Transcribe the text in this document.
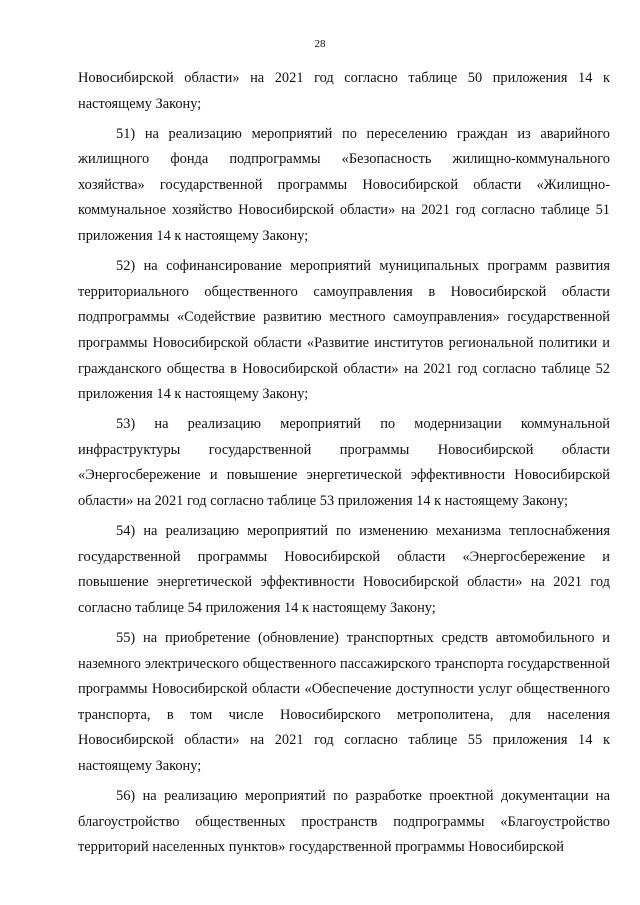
28

Новосибирской области» на 2021 год согласно таблице 50 приложения 14 к настоящему Закону;

51) на реализацию мероприятий по переселению граждан из аварийного жилищного фонда подпрограммы «Безопасность жилищно-коммунального хозяйства» государственной программы Новосибирской области «Жилищно-коммунальное хозяйство Новосибирской области» на 2021 год согласно таблице 51 приложения 14 к настоящему Закону;

52) на софинансирование мероприятий муниципальных программ развития территориального общественного самоуправления в Новосибирской области подпрограммы «Содействие развитию местного самоуправления» государственной программы Новосибирской области «Развитие институтов региональной политики и гражданского общества в Новосибирской области» на 2021 год согласно таблице 52 приложения 14 к настоящему Закону;

53) на реализацию мероприятий по модернизации коммунальной инфраструктуры государственной программы Новосибирской области «Энергосбережение и повышение энергетической эффективности Новосибирской области» на 2021 год согласно таблице 53 приложения 14 к настоящему Закону;

54) на реализацию мероприятий по изменению механизма теплоснабжения государственной программы Новосибирской области «Энергосбережение и повышение энергетической эффективности Новосибирской области» на 2021 год согласно таблице 54 приложения 14 к настоящему Закону;

55) на приобретение (обновление) транспортных средств автомобильного и наземного электрического общественного пассажирского транспорта государственной программы Новосибирской области «Обеспечение доступности услуг общественного транспорта, в том числе Новосибирского метрополитена, для населения Новосибирской области» на 2021 год согласно таблице 55 приложения 14 к настоящему Закону;

56) на реализацию мероприятий по разработке проектной документации на благоустройство общественных пространств подпрограммы «Благоустройство территорий населенных пунктов» государственной программы Новосибирской
